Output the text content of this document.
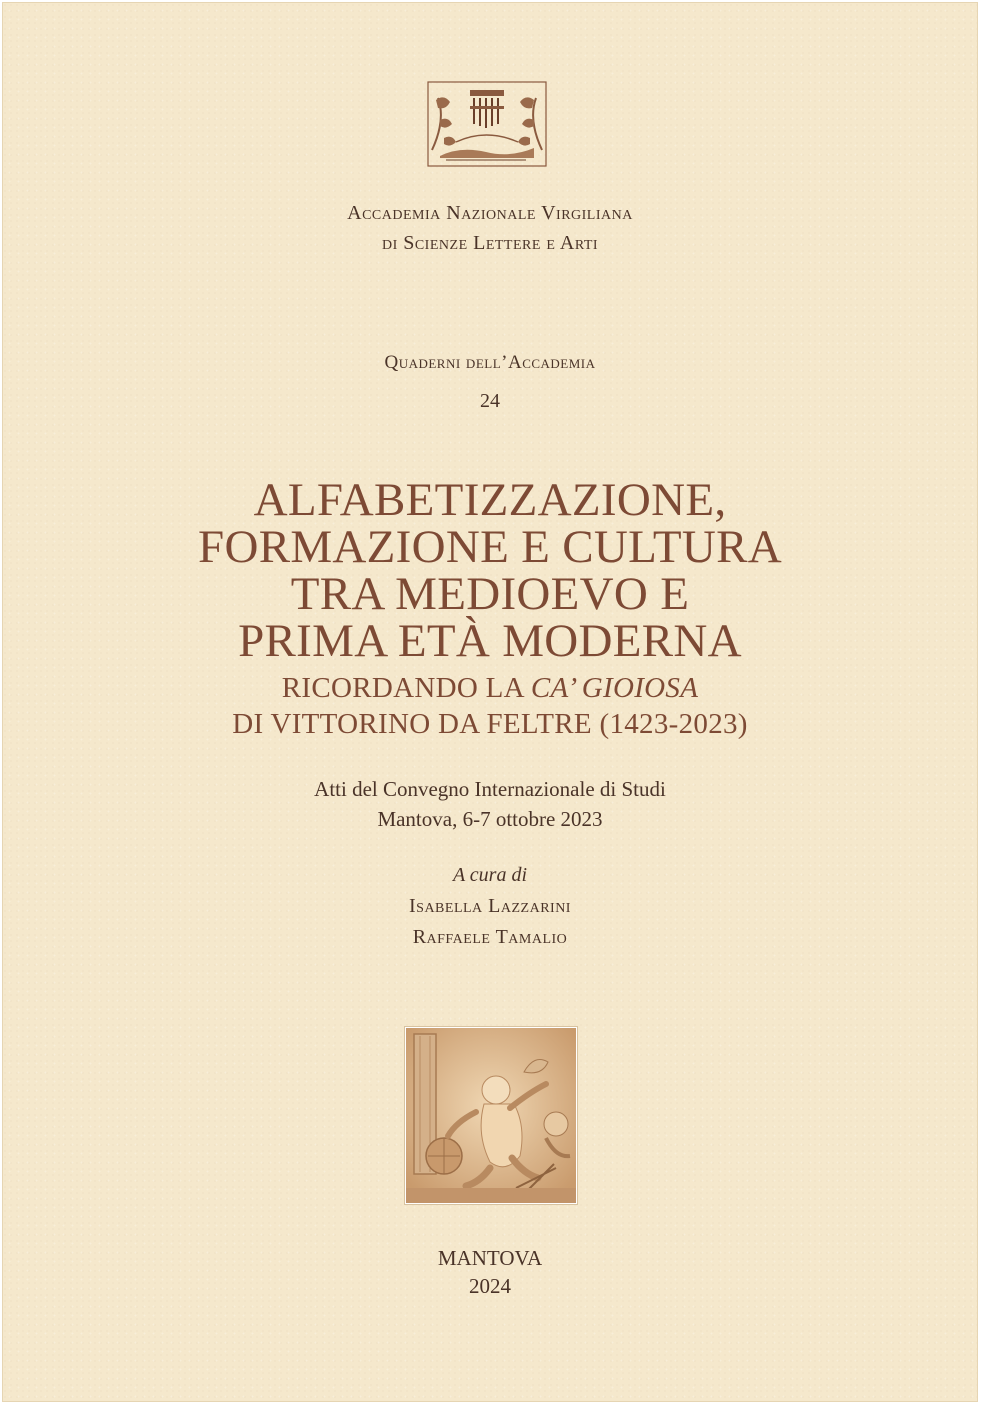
Accademia Nazionale Virgiliana
di Scienze Lettere e Arti
Quaderni dell’Accademia
24
ALFABETIZZAZIONE,
FORMAZIONE E CULTURA
TRA MEDIOEVO E
PRIMA ETÀ MODERNA
RICORDANDO LA CA’ GIOIOSA
DI VITTORINO DA FELTRE (1423-2023)
Atti del Convegno Internazionale di Studi
Mantova, 6-7 ottobre 2023
A cura di
Isabella Lazzarini
Raffaele Tamalio
MANTOVA
2024
